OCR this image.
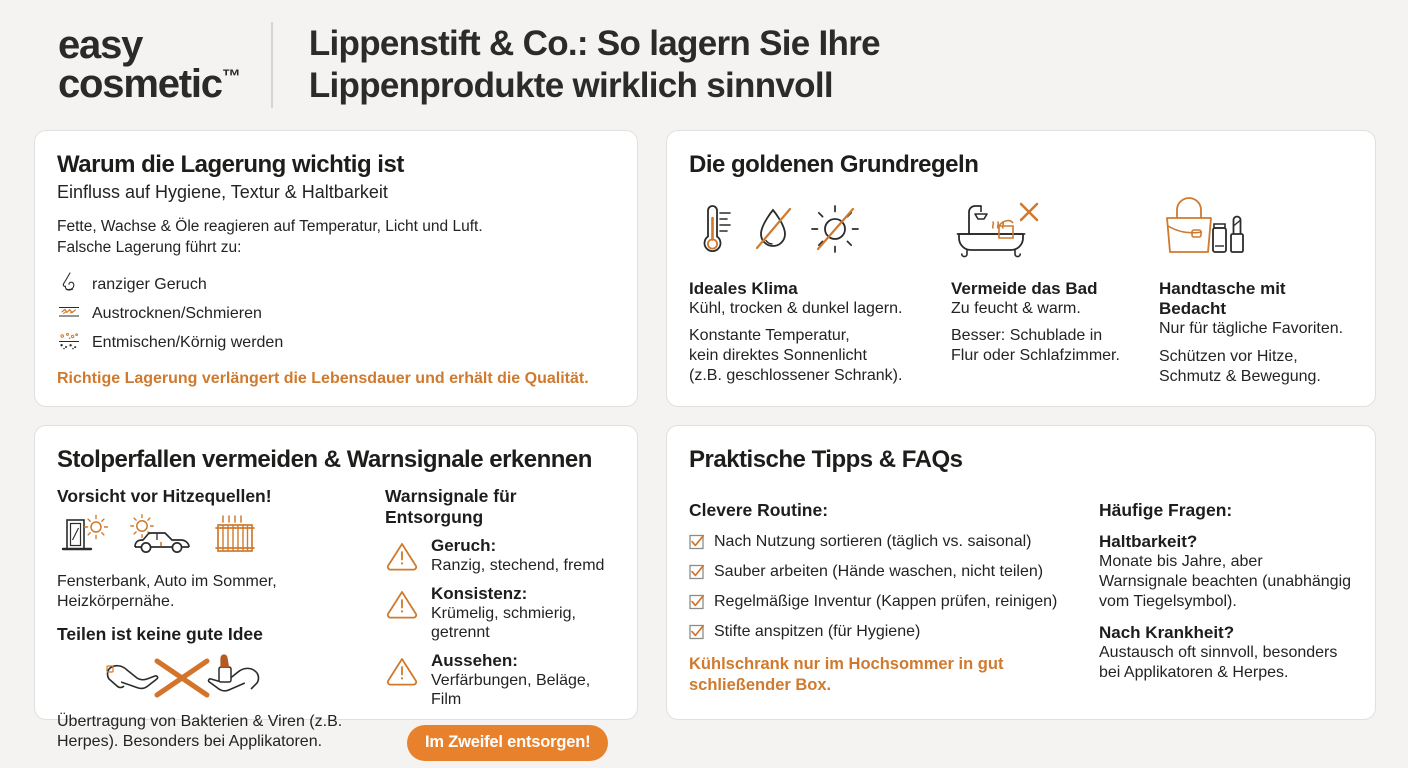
easy
cosmetic™
Lippenstift & Co.: So lagern Sie Ihre
Lippenprodukte wirklich sinnvoll
Warum die Lagerung wichtig ist
Einfluss auf Hygiene, Textur & Haltbarkeit
Fette, Wachse & Öle reagieren auf Temperatur, Licht und Luft.
Falsche Lagerung führt zu:
ranziger Geruch
Austrocknen/Schmieren
Entmischen/Körnig werden
Richtige Lagerung verlängert die Lebensdauer und erhält die Qualität.
Die goldenen Grundregeln
Ideales Klima
Kühl, trocken & dunkel lagern.
Konstante Temperatur,
kein direktes Sonnenlicht
(z.B. geschlossener Schrank).
Vermeide das Bad
Zu feucht & warm.
Besser: Schublade in
Flur oder Schlafzimmer.
Handtasche mit Bedacht
Nur für tägliche Favoriten.
Schützen vor Hitze,
Schmutz & Bewegung.
Stolperfallen vermeiden & Warnsignale erkennen
Vorsicht vor Hitzequellen!
Fensterbank, Auto im Sommer,
Heizkörpernähe.
Teilen ist keine gute Idee
Übertragung von Bakterien & Viren (z.B.
Herpes). Besonders bei Applikatoren.
Warnsignale für Entsorgung
Geruch:
Ranzig, stechend, fremd
Konsistenz:
Krümelig, schmierig, getrennt
Aussehen:
Verfärbungen, Beläge, Film
Im Zweifel entsorgen!
Praktische Tipps & FAQs
Clevere Routine:
Nach Nutzung sortieren (täglich vs. saisonal)
Sauber arbeiten (Hände waschen, nicht teilen)
Regelmäßige Inventur (Kappen prüfen, reinigen)
Stifte anspitzen (für Hygiene)
Kühlschrank nur im Hochsommer in gut
schließender Box.
Häufige Fragen:
Haltbarkeit?
Monate bis Jahre, aber
Warnsignale beachten (unabhängig
vom Tiegelsymbol).
Nach Krankheit?
Austausch oft sinnvoll, besonders
bei Applikatoren & Herpes.
